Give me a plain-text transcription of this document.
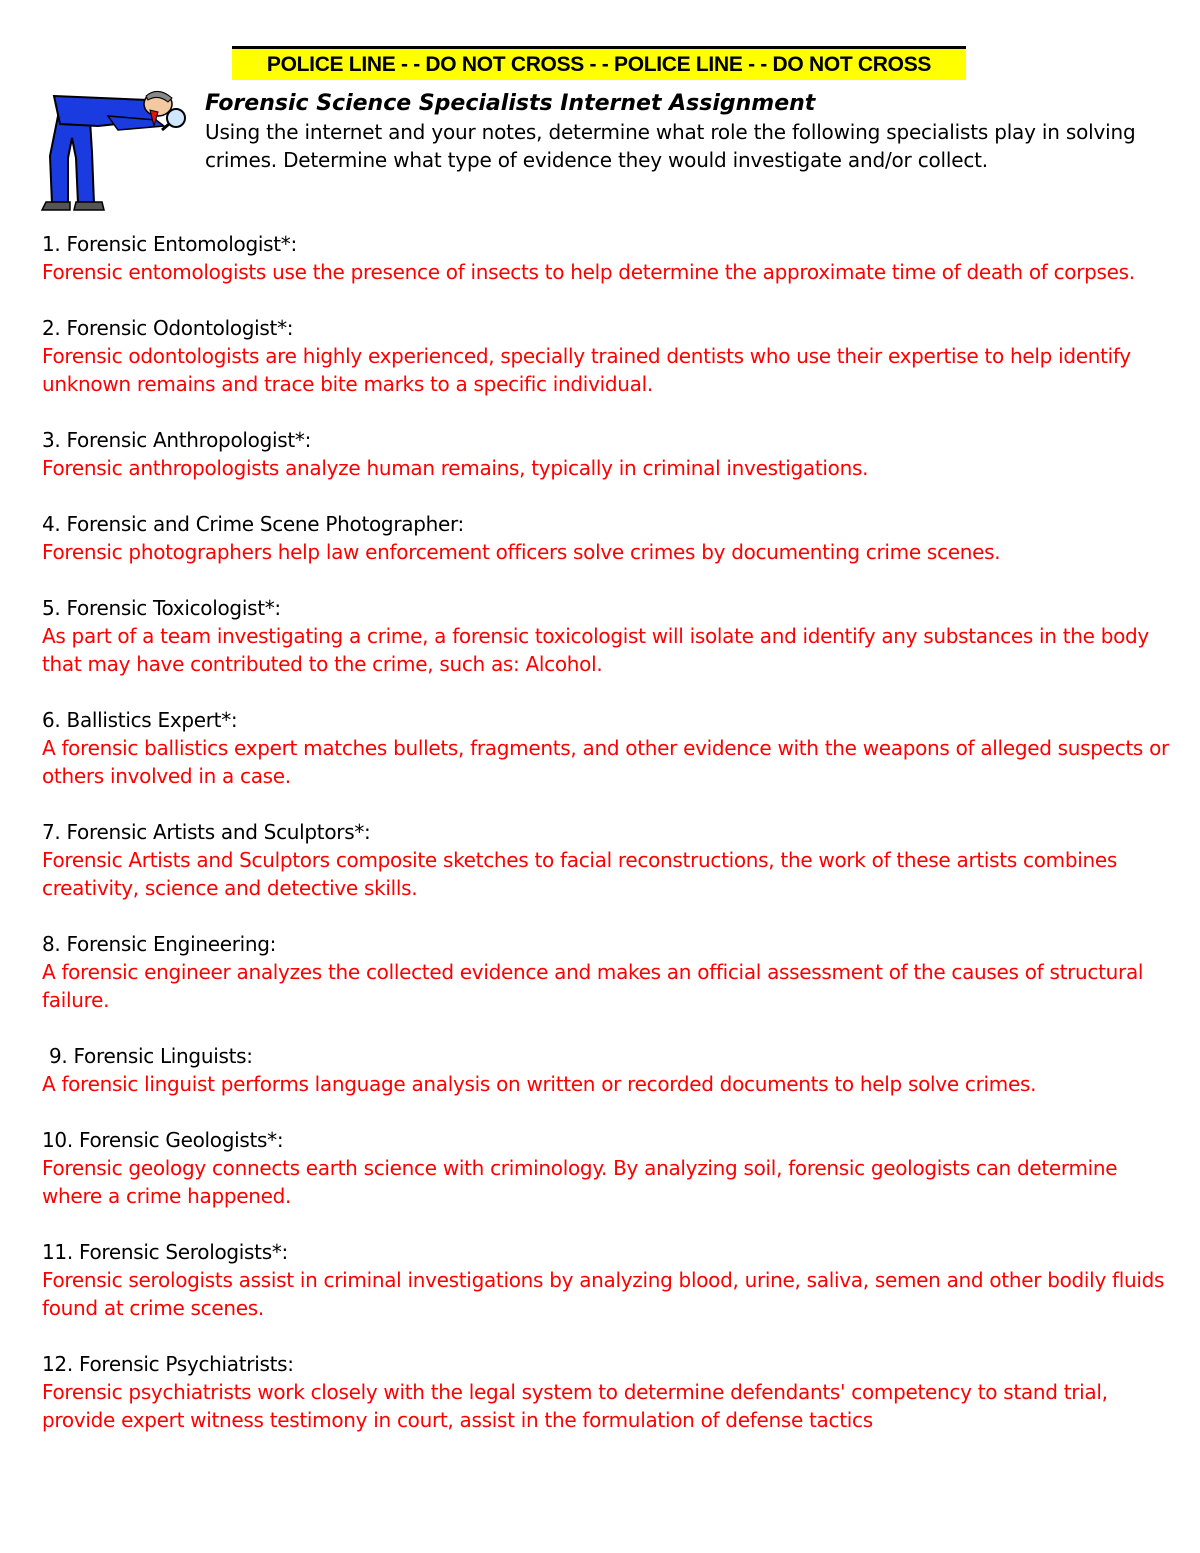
POLICE LINE - - DO NOT CROSS - - POLICE LINE - - DO NOT CROSS

Forensic Science Specialists Internet Assignment

Using the internet and your notes, determine what role the following specialists play in solving crimes. Determine what type of evidence they would investigate and/or collect.

1. Forensic Entomologist*:

Forensic entomologists use the presence of insects to help determine the approximate time of death of corpses.

2. Forensic Odontologist*:

Forensic odontologists are highly experienced, specially trained dentists who use their expertise to help identify unknown remains and trace bite marks to a specific individual.

3. Forensic Anthropologist*:

Forensic anthropologists analyze human remains, typically in criminal investigations.

4. Forensic and Crime Scene Photographer:

Forensic photographers help law enforcement officers solve crimes by documenting crime scenes.

5. Forensic Toxicologist*:

As part of a team investigating a crime, a forensic toxicologist will isolate and identify any substances in the body that may have contributed to the crime, such as: Alcohol.

6. Ballistics Expert*:

A forensic ballistics expert matches bullets, fragments, and other evidence with the weapons of alleged suspects or others involved in a case.

7. Forensic Artists and Sculptors*:

Forensic Artists and Sculptors composite sketches to facial reconstructions, the work of these artists combines creativity, science and detective skills.

8. Forensic Engineering:

A forensic engineer analyzes the collected evidence and makes an official assessment of the causes of structural failure.

9. Forensic Linguists:

A forensic linguist performs language analysis on written or recorded documents to help solve crimes.

10. Forensic Geologists*:

Forensic geology connects earth science with criminology. By analyzing soil, forensic geologists can determine where a crime happened.

11. Forensic Serologists*:

Forensic serologists assist in criminal investigations by analyzing blood, urine, saliva, semen and other bodily fluids found at crime scenes.

12. Forensic Psychiatrists:

Forensic psychiatrists work closely with the legal system to determine defendants' competency to stand trial, provide expert witness testimony in court, assist in the formulation of defense tactics
